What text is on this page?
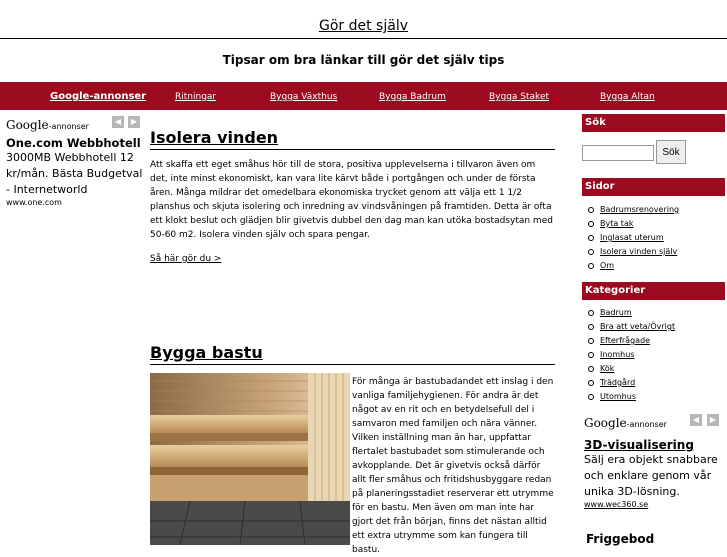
Gör det själv
Tipsar om bra länkar till gör det själv tips
Google-annonser	Ritningar	Bygga Växthus	Bygga Badrum	Bygga Staket	Bygga Altan
Google-annonser
◀	▶
One.com Webbhotell
3000MB Webbhotell 12 kr/mån. Bästa Budgetval - Internetworld
www.one.com
Isolera vinden
Att skaffa ett eget småhus hör till de stora, positiva upplevelserna i tillvaron även om det, inte minst ekonomiskt, kan vara lite kärvt både i portgången och under de första åren. Många mildrar det omedelbara ekonomiska trycket genom att välja ett 1 1/2 planshus och skjuta isolering och inredning av vindsvåningen på framtiden. Detta är ofta ett klokt beslut och glädjen blir givetvis dubbel den dag man kan utöka bostadsytan med 50-60 m2. Isolera vinden själv och spara pengar.
Så här gör du >
Bygga bastu
För många är bastubadandet ett inslag i den vanliga familjehygienen. För andra är det något av en rit och en betydelsefull del i samvaron med familjen och nära vänner. Vilken inställning man än har, uppfattar flertalet bastubadet som stimulerande och avkopplande. Det är givetvis också därför allt fler småhus och fritidshusbyggare redan på planeringsstadiet reserverar ett utrymme för en bastu. Men även om man inte har gjort det från början, finns det nästan alltid ett extra utrymme som kan fungera till bastu.
Sök
Sök
Sidor
Badrumsrenovering
Byta tak
Inglasat uterum
Isolera vinden själv
Om
Kategorier
Badrum
Bra att veta/Övrigt
Efterfrågade
Inomhus
Kök
Trädgård
Utomhus
Google-annonser
◀	▶
3D-visualisering
Sälj era objekt snabbare och enklare genom vår unika 3D-lösning.
www.wec360.se
Friggebod
